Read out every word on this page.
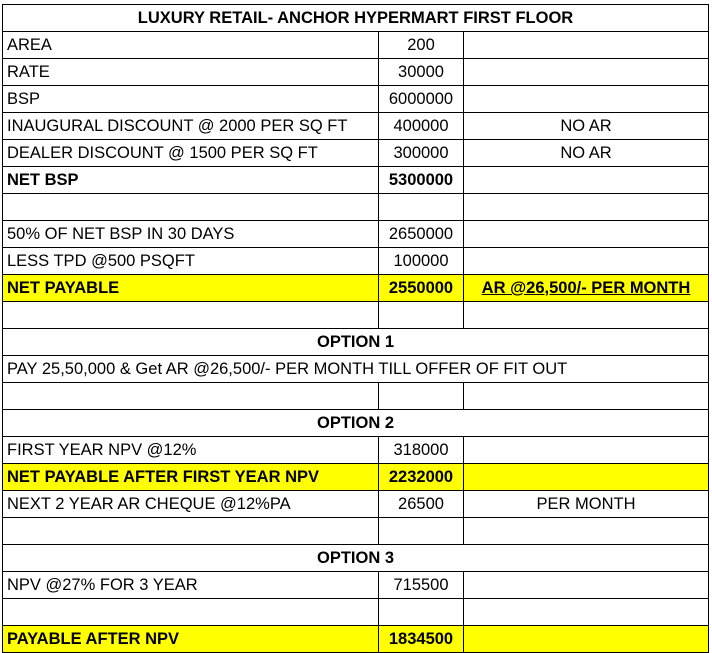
LUXURY RETAIL- ANCHOR HYPERMART FIRST FLOOR		
AREA	200	
RATE	30000	
BSP	6000000	
INAUGURAL DISCOUNT @ 2000 PER SQ FT	400000	NO AR
DEALER DISCOUNT @ 1500 PER SQ FT	300000	NO AR
NET BSP	5300000	

50% OF NET BSP IN 30 DAYS	2650000	
LESS TPD @500 PSQFT	100000	
NET PAYABLE	2550000	AR @26,500/- PER MONTH

OPTION 1		
PAY 25,50,000 & Get AR @26,500/- PER MONTH TILL OFFER OF FIT OUT		

OPTION 2		
FIRST YEAR NPV @12%	318000	
NET PAYABLE AFTER FIRST YEAR NPV	2232000	
NEXT 2 YEAR AR CHEQUE @12%PA	26500	PER MONTH

OPTION 3		
NPV @27% FOR 3 YEAR	715500	

PAYABLE AFTER NPV	1834500	
